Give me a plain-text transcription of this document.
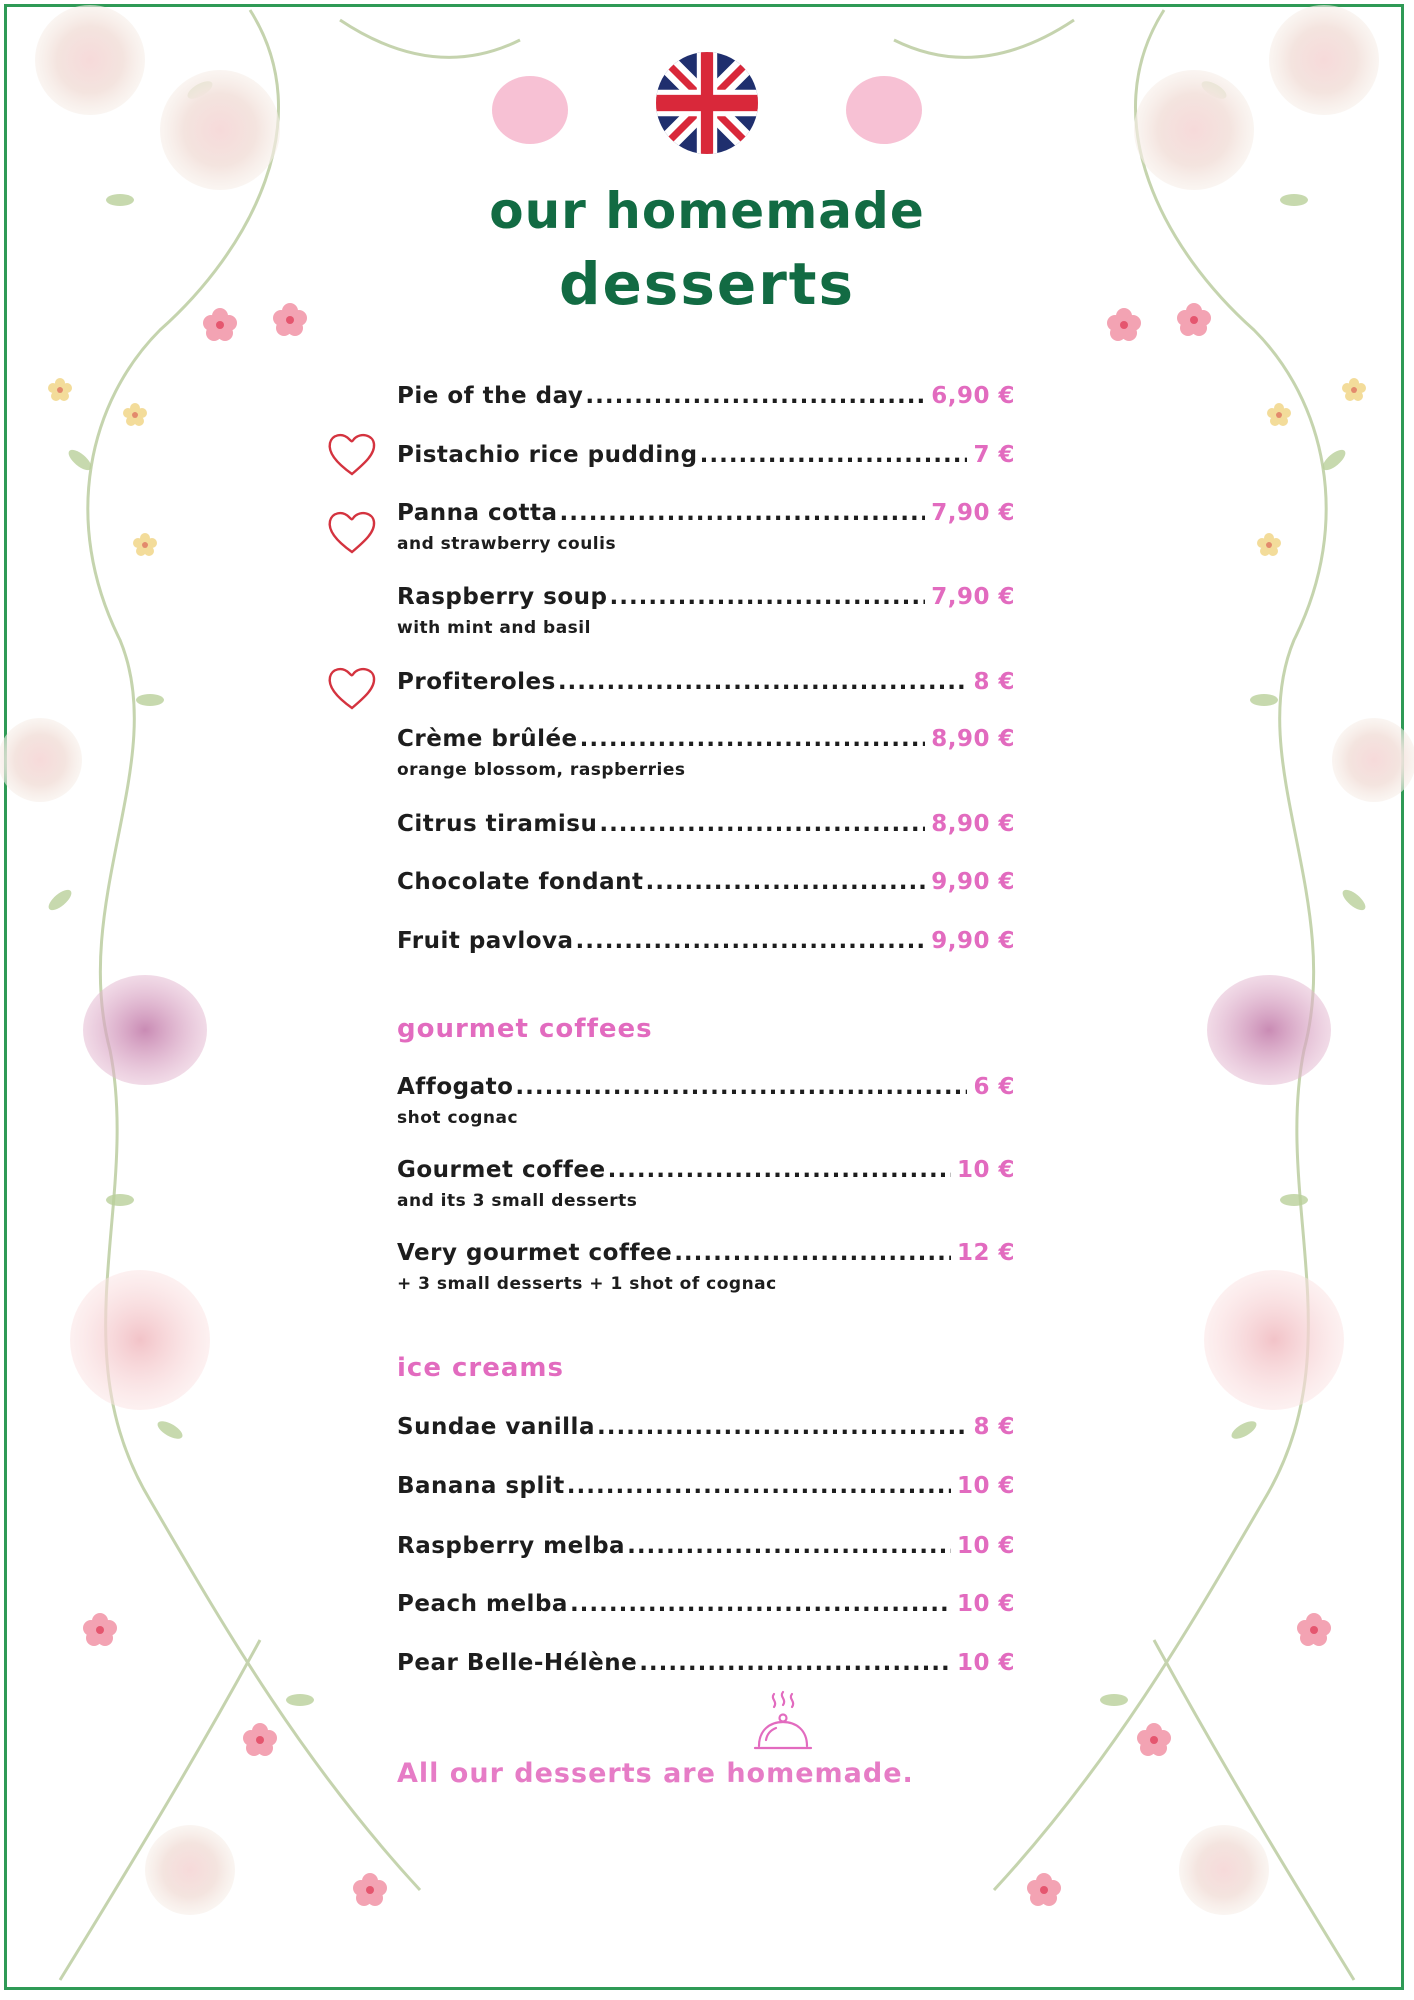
our homemade
desserts
Pie of the day .....	6,90 €
Pistachio rice pudding .....	7 €
Panna cotta .....	7,90 €
and strawberry coulis
Raspberry soup .....	7,90 €
with mint and basil
Profiteroles .....	8 €
Crème brûlée .....	8,90 €
orange blossom, raspberries
Citrus tiramisu .....	8,90 €
Chocolate fondant .....	9,90 €
Fruit pavlova .....	9,90 €
gourmet coffees
Affogato .....	6 €
shot cognac
Gourmet coffee .....	10 €
and its 3 small desserts
Very gourmet coffee .....	12 €
+ 3 small desserts + 1 shot of cognac
ice creams
Sundae vanilla .....	8 €
Banana split .....	10 €
Raspberry melba .....	10 €
Peach melba .....	10 €
Pear Belle-Hélène .....	10 €
All our desserts are homemade.
